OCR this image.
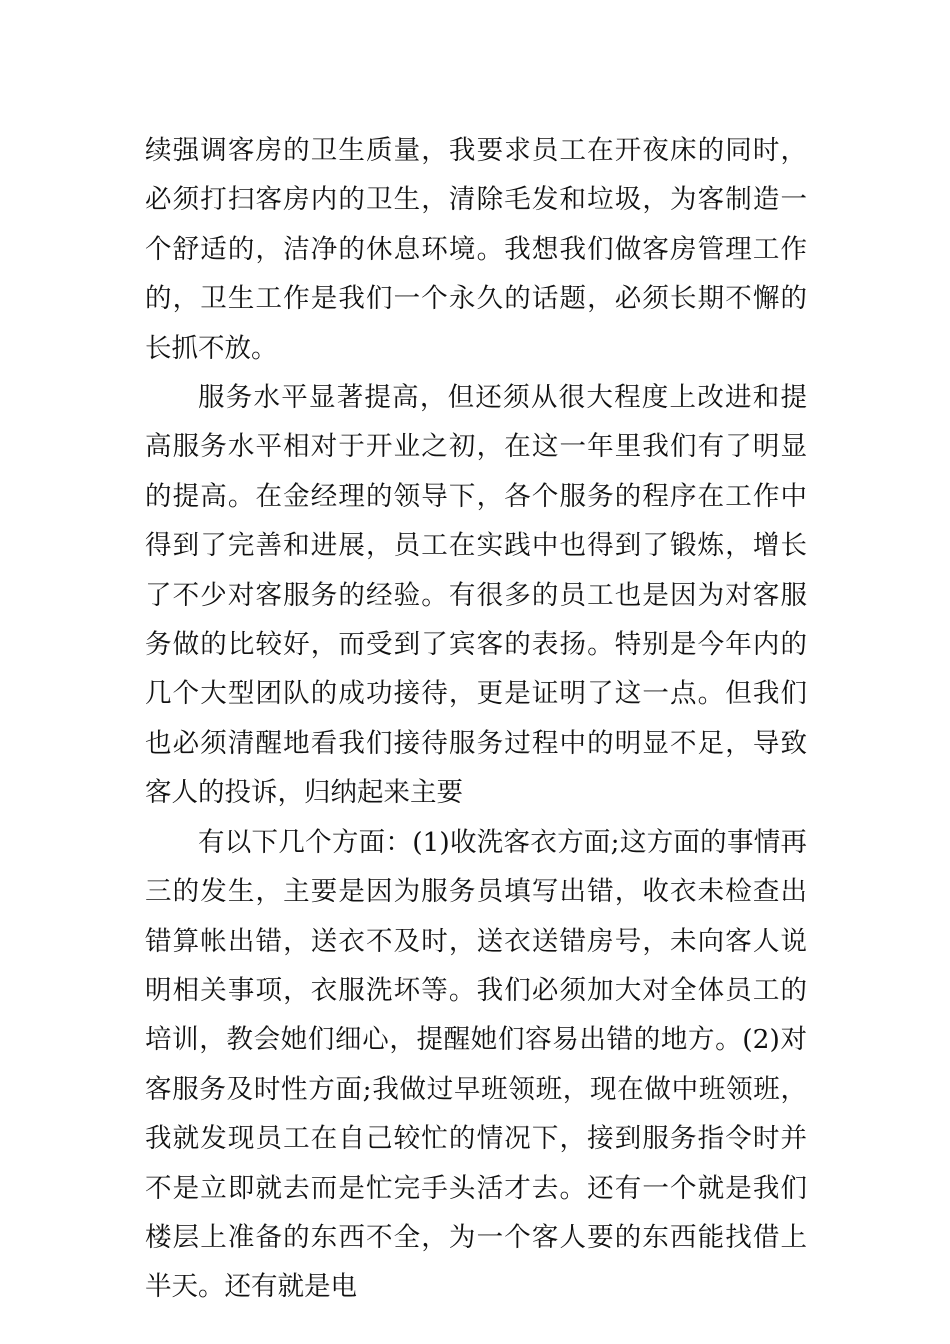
续强调客房的卫生质量，我要求员工在开夜床的同时，必须打扫客房内的卫生，清除毛发和垃圾，为客制造一个舒适的，洁净的休息环境。我想我们做客房管理工作的，卫生工作是我们一个永久的话题，必须长期不懈的长抓不放。

服务水平显著提高，但还须从很大程度上改进和提高服务水平相对于开业之初，在这一年里我们有了明显的提高。在金经理的领导下，各个服务的程序在工作中得到了完善和进展，员工在实践中也得到了锻炼，增长了不少对客服务的经验。有很多的员工也是因为对客服务做的比较好，而受到了宾客的表扬。特别是今年内的几个大型团队的成功接待，更是证明了这一点。但我们也必须清醒地看我们接待服务过程中的明显不足，导致客人的投诉，归纳起来主要

有以下几个方面：(1)收洗客衣方面;这方面的事情再三的发生，主要是因为服务员填写出错，收衣未检查出错算帐出错，送衣不及时，送衣送错房号，未向客人说明相关事项，衣服洗坏等。我们必须加大对全体员工的培训，教会她们细心，提醒她们容易出错的地方。(2)对客服务及时性方面;我做过早班领班，现在做中班领班，我就发现员工在自己较忙的情况下，接到服务指令时并不是立即就去而是忙完手头活才去。还有一个就是我们楼层上准备的东西不全，为一个客人要的东西能找借上半天。还有就是电
